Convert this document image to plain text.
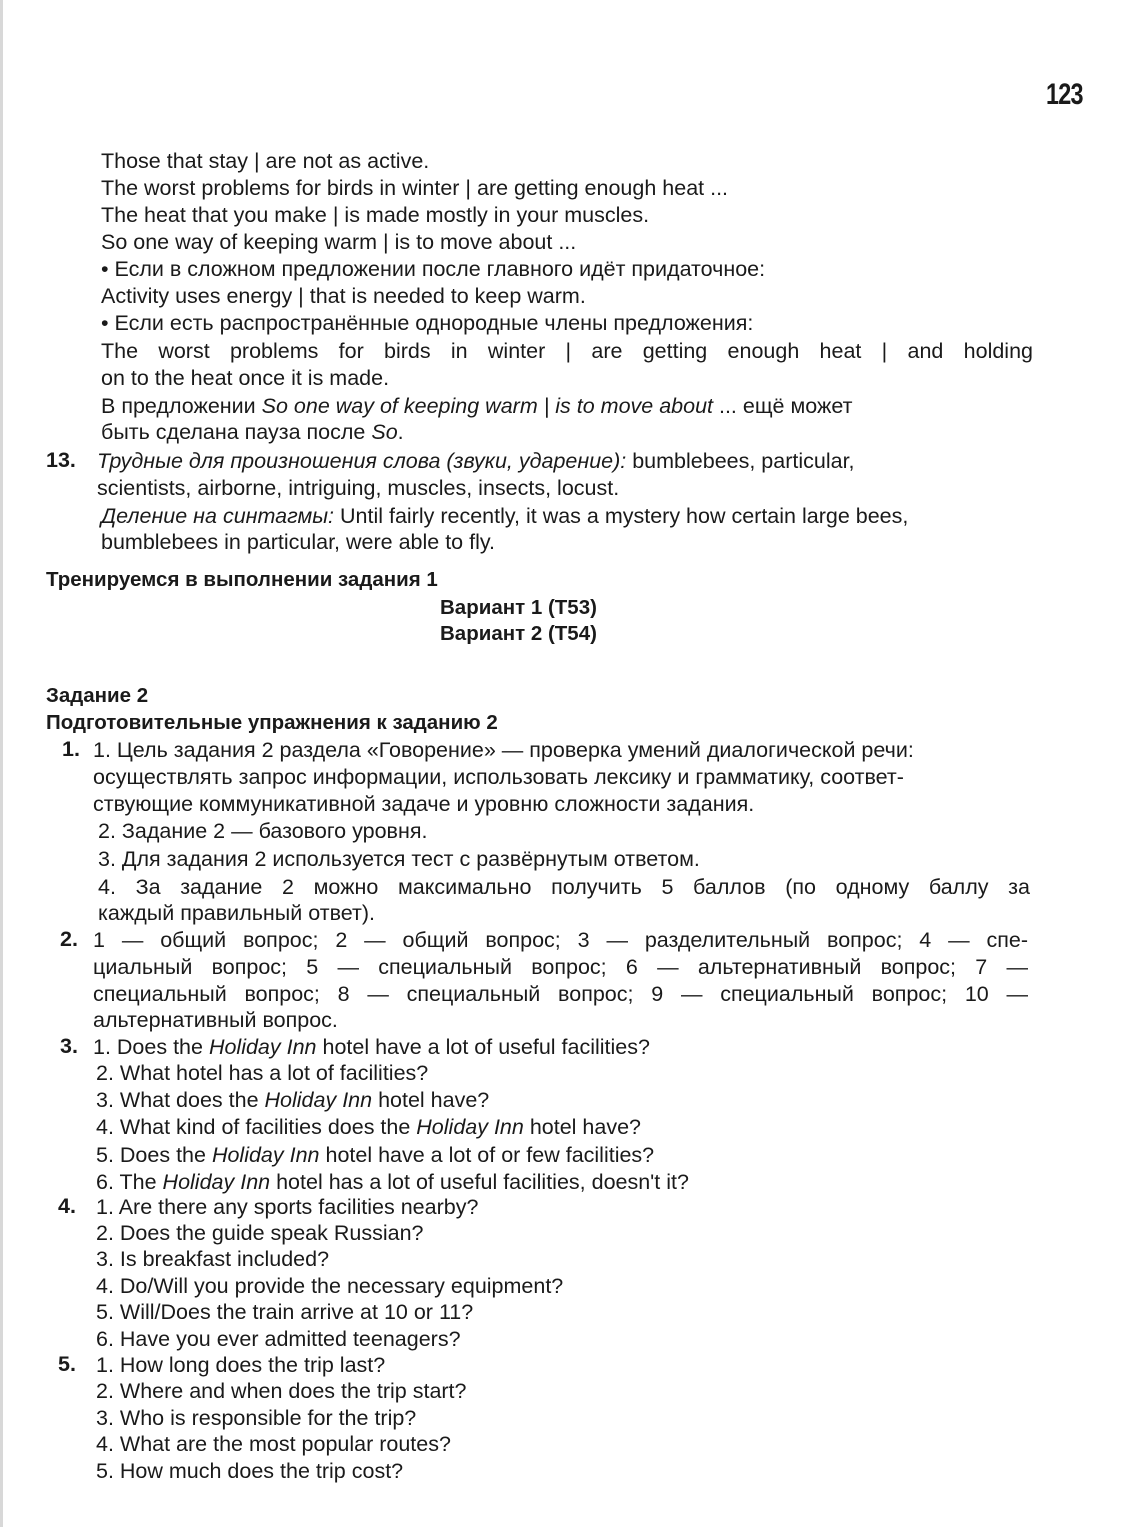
123
Those that stay | are not as active.
The worst problems for birds in winter | are getting enough heat ...
The heat that you make | is made mostly in your muscles.
So one way of keeping warm | is to move about ...
• Если в сложном предложении после главного идёт придаточное:
Activity uses energy | that is needed to keep warm.
• Если есть распространённые однородные члены предложения:
The worst problems for birds in winter | are getting enough heat | and holding
on to the heat once it is made.
В предложении So one way of keeping warm | is to move about ... ещё может
быть сделана пауза после So.
13. Трудные для произношения слова (звуки, ударение): bumblebees, particular,
scientists, airborne, intriguing, muscles, insects, locust.
Деление на синтагмы: Until fairly recently, it was a mystery how certain large bees,
bumblebees in particular, were able to fly.
Тренируемся в выполнении задания 1
Вариант 1 (Т53)
Вариант 2 (Т54)
Задание 2
Подготовительные упражнения к заданию 2
1. 1. Цель задания 2 раздела «Говорение» — проверка умений диалогической речи:
осуществлять запрос информации, использовать лексику и грамматику, соответ-
ствующие коммуникативной задаче и уровню сложности задания.
2. Задание 2 — базового уровня.
3. Для задания 2 используется тест с развёрнутым ответом.
4. За задание 2 можно максимально получить 5 баллов (по одному баллу за
каждый правильный ответ).
2. 1 — общий вопрос; 2 — общий вопрос; 3 — разделительный вопрос; 4 — спе-
циальный вопрос; 5 — специальный вопрос; 6 — альтернативный вопрос; 7 —
специальный вопрос; 8 — специальный вопрос; 9 — специальный вопрос; 10 —
альтернативный вопрос.
3. 1. Does the Holiday Inn hotel have a lot of useful facilities?
2. What hotel has a lot of facilities?
3. What does the Holiday Inn hotel have?
4. What kind of facilities does the Holiday Inn hotel have?
5. Does the Holiday Inn hotel have a lot of or few facilities?
6. The Holiday Inn hotel has a lot of useful facilities, doesn't it?
4. 1. Are there any sports facilities nearby?
2. Does the guide speak Russian?
3. Is breakfast included?
4. Do/Will you provide the necessary equipment?
5. Will/Does the train arrive at 10 or 11?
6. Have you ever admitted teenagers?
5. 1. How long does the trip last?
2. Where and when does the trip start?
3. Who is responsible for the trip?
4. What are the most popular routes?
5. How much does the trip cost?
